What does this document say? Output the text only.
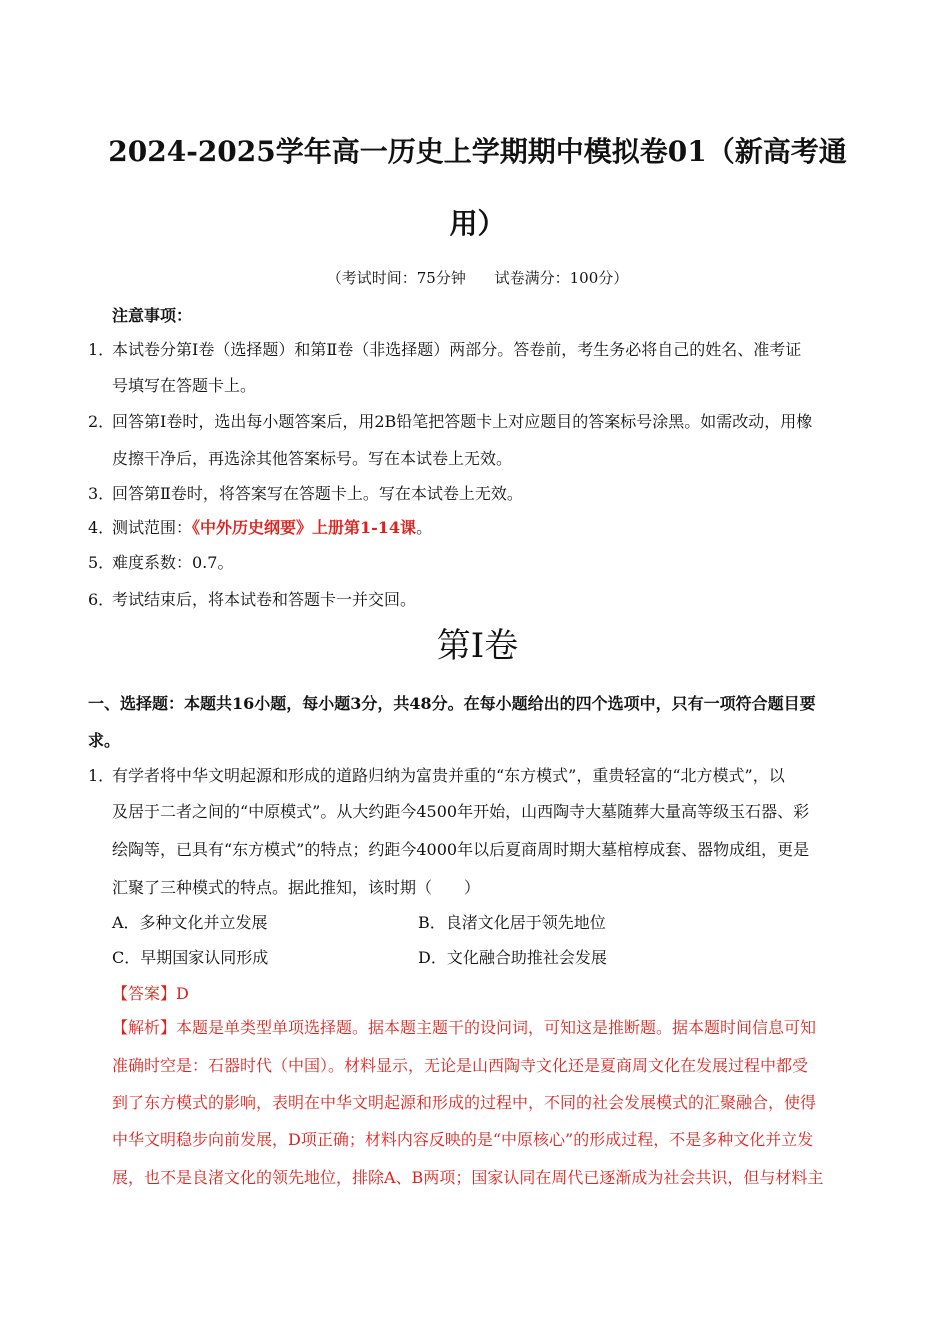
2024-2025学年高一历史上学期期中模拟卷01（新高考通
用）
（考试时间：75分钟 试卷满分：100分）
注意事项：
1．
本试卷分第Ⅰ卷（选择题）和第Ⅱ卷（非选择题）两部分。答卷前，考生务必将自己的姓名、准考证
号填写在答题卡上。
2．
回答第Ⅰ卷时，选出每小题答案后，用2B铅笔把答题卡上对应题目的答案标号涂黑。如需改动，用橡
皮擦干净后，再选涂其他答案标号。写在本试卷上无效。
3．
回答第Ⅱ卷时，将答案写在答题卡上。写在本试卷上无效。
4．
测试范围：《中外历史纲要》上册第1-14课。
5．
难度系数：0.7。
6．
考试结束后，将本试卷和答题卡一并交回。
第Ⅰ卷
一、选择题：本题共16小题，每小题3分，共48分。在每小题给出的四个选项中，只有一项符合题目要
求。
1．
有学者将中华文明起源和形成的道路归纳为富贵并重的“东方模式”，重贵轻富的“北方模式”，以
及居于二者之间的“中原模式”。从大约距今4500年开始，山西陶寺大墓随葬大量高等级玉石器、彩
绘陶等，已具有“东方模式”的特点；约距今4000年以后夏商周时期大墓棺椁成套、器物成组，更是
汇聚了三种模式的特点。据此推知，该时期（　　）
A．多种文化并立发展	B．良渚文化居于领先地位
C．早期国家认同形成	D．文化融合助推社会发展
【答案】D
【解析】本题是单类型单项选择题。据本题主题干的设问词，可知这是推断题。据本题时间信息可知
准确时空是：石器时代（中国）。材料显示，无论是山西陶寺文化还是夏商周文化在发展过程中都受
到了东方模式的影响，表明在中华文明起源和形成的过程中，不同的社会发展模式的汇聚融合，使得
中华文明稳步向前发展，D项正确；材料内容反映的是“中原核心”的形成过程，不是多种文化并立发
展，也不是良渚文化的领先地位，排除A、B两项；国家认同在周代已逐渐成为社会共识，但与材料主
